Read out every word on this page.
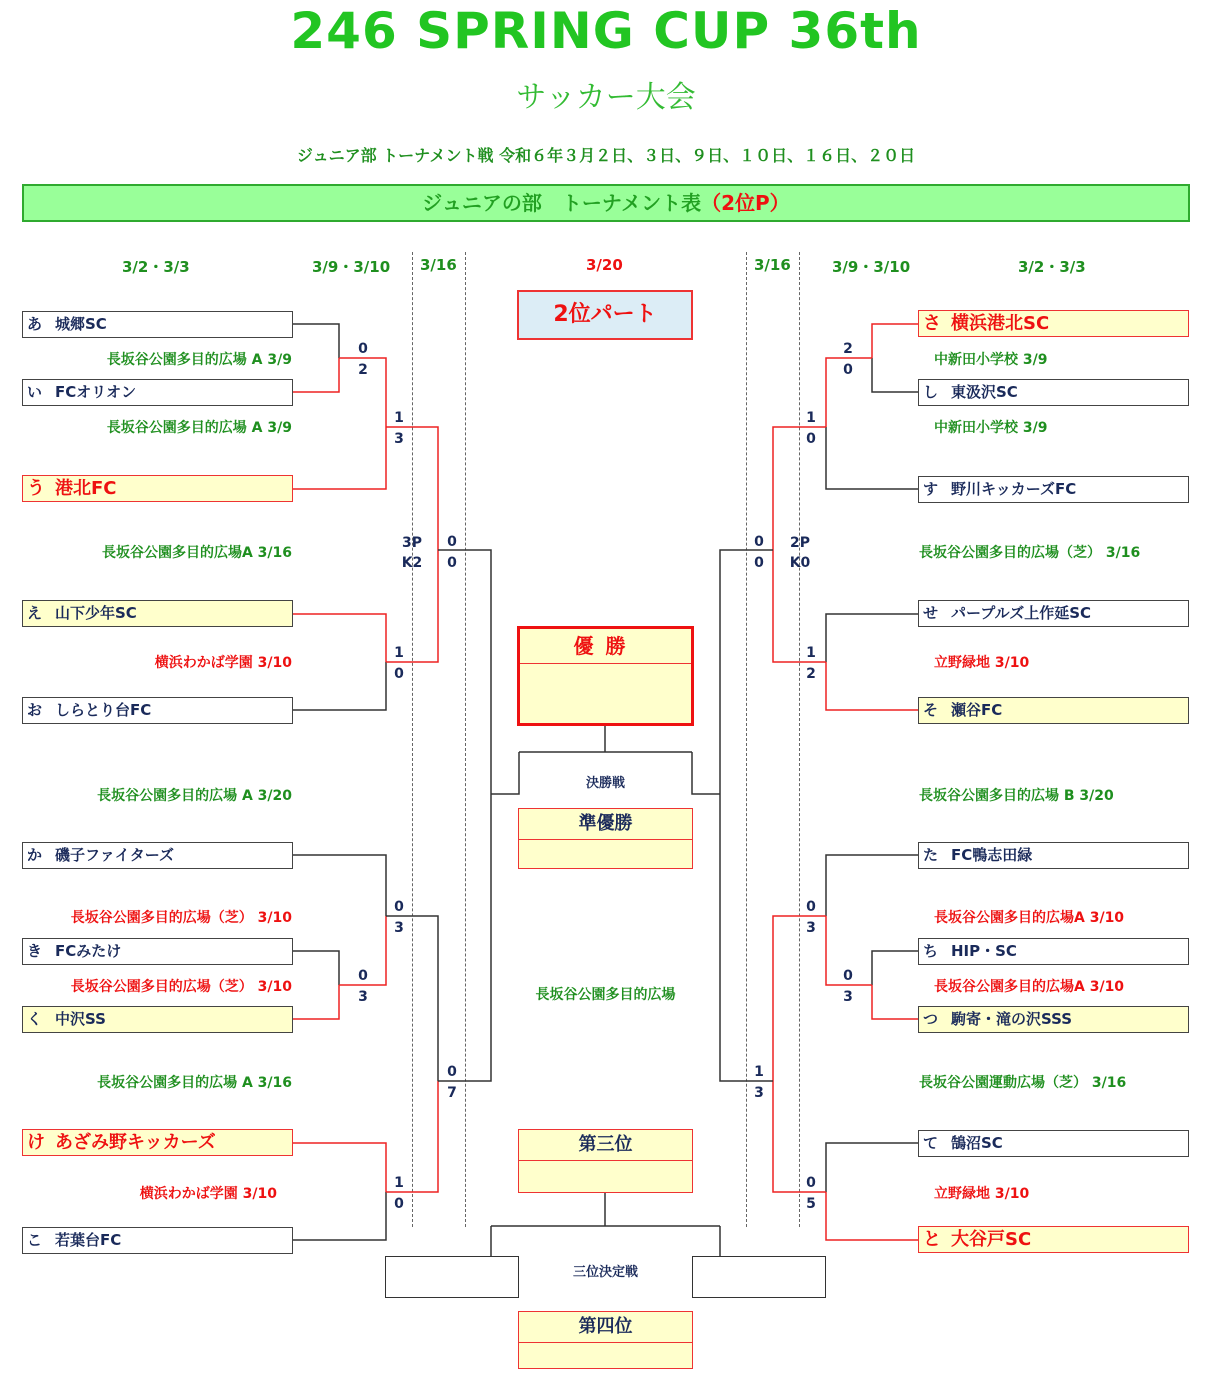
246 SPRING CUP 36th
サッカー大会
ジュニア部 トーナメント戦 令和６年３月２日、３日、９日、１０日、１６日、２０日
ジュニアの部　トーナメント表（2位P）
3/2・3/3	3/9・3/10 3/16	3/20	3/16	3/9・3/10	3/2・3/3
あ 城郷SC
い FCオリオン
う 港北FC
え 山下少年SC
お しらとり台FC
か 磯子ファイターズ
き FCみたけ
く 中沢SS
け あざみ野キッカーズ
こ 若葉台FC
さ 横浜港北SC
し 東汲沢SC
す 野川キッカーズFC
せ パープルズ上作延SC
そ 瀬谷FC
た FC鴨志田緑
ち HIP・SC
つ 駒寄・滝の沢SSS
て 鵠沼SC
と 大谷戸SC
長坂谷公園多目的広場 A 3/9
長坂谷公園多目的広場 A 3/9
長坂谷公園多目的広場A 3/16
横浜わかば学園 3/10
長坂谷公園多目的広場 A 3/20
長坂谷公園多目的広場（芝） 3/10
長坂谷公園多目的広場（芝） 3/10
長坂谷公園多目的広場 A 3/16
横浜わかば学園 3/10
中新田小学校 3/9
中新田小学校 3/9
長坂谷公園多目的広場（芝） 3/16
立野緑地 3/10
長坂谷公園多目的広場 B 3/20
長坂谷公園多目的広場A 3/10
長坂谷公園多目的広場A 3/10
長坂谷公園運動広場（芝） 3/16
立野緑地 3/10
0
2
1
3
3P
K2
0
0
1
0
0
3
0
3
0
7
1
0
2
0
1
0
0
0
2P
K0
1
2
0
3
0
3
1
3
0
5
2位パート
優勝
決勝戦
準優勝
長坂谷公園多目的広場
第三位
三位決定戦
第四位
